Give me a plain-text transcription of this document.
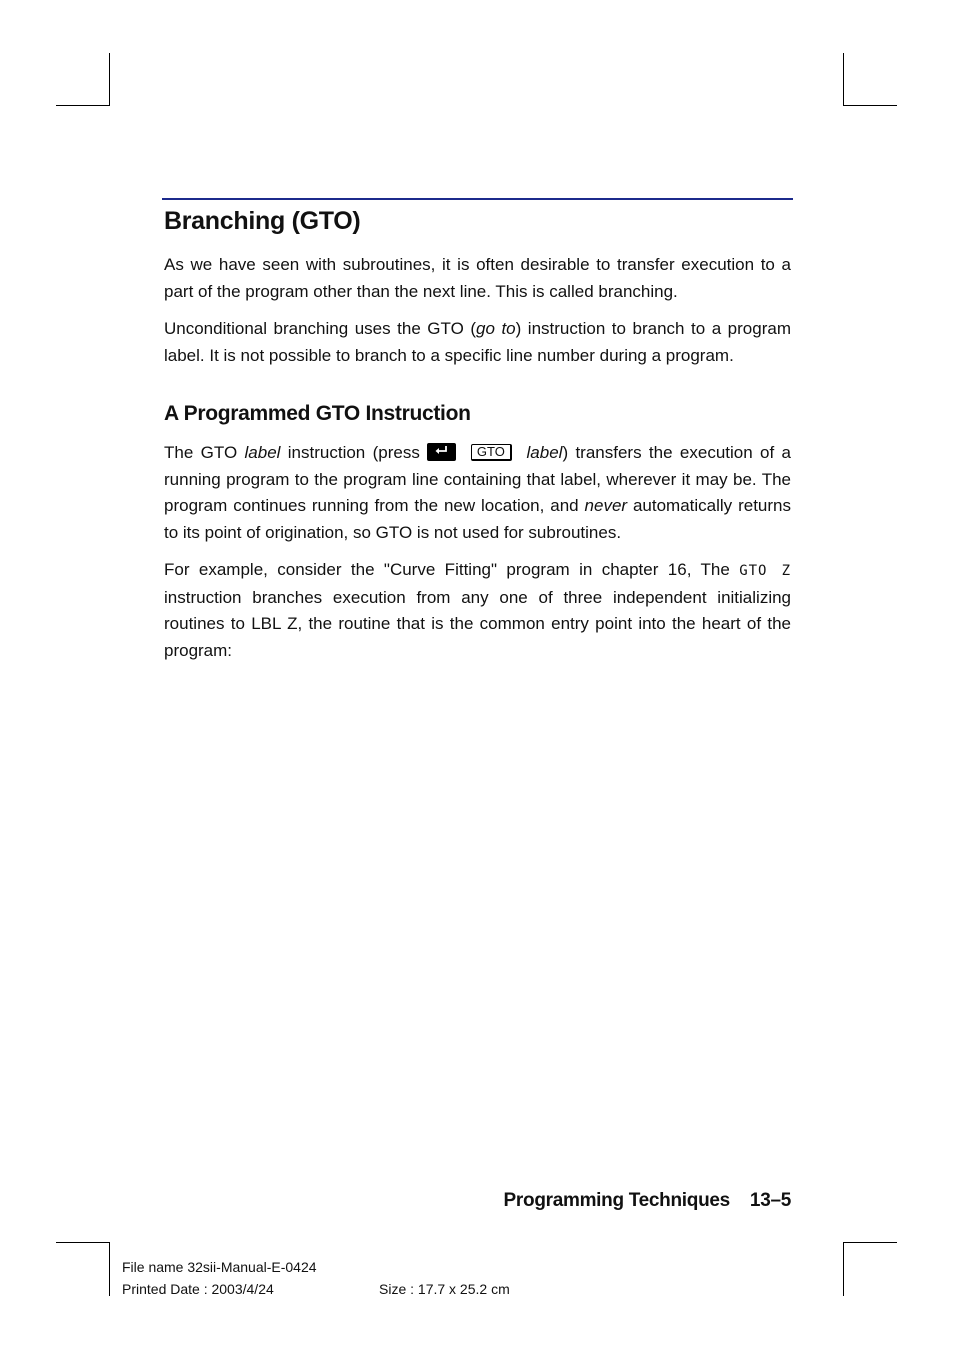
Branching (GTO)

As we have seen with subroutines, it is often desirable to transfer execution to a part of the program other than the next line. This is called branching.

Unconditional branching uses the GTO (go to) instruction to branch to a program label. It is not possible to branch to a specific line number during a program.

A Programmed GTO Instruction

The GTO label instruction (press	GTO label) transfers the execution of a running program to the program line containing that label, wherever it may be. The program continues running from the new location, and never automatically returns to its point of origination, so GTO is not used for subroutines.

For example, consider the "Curve Fitting" program in chapter 16, The GTO Z instruction branches execution from any one of three independent initializing routines to LBL Z, the routine that is the common entry point into the heart of the program:

Programming Techniques 13–5
File name 32sii-Manual-E-0424
Printed Date : 2003/4/24	Size : 17.7 x 25.2 cm
